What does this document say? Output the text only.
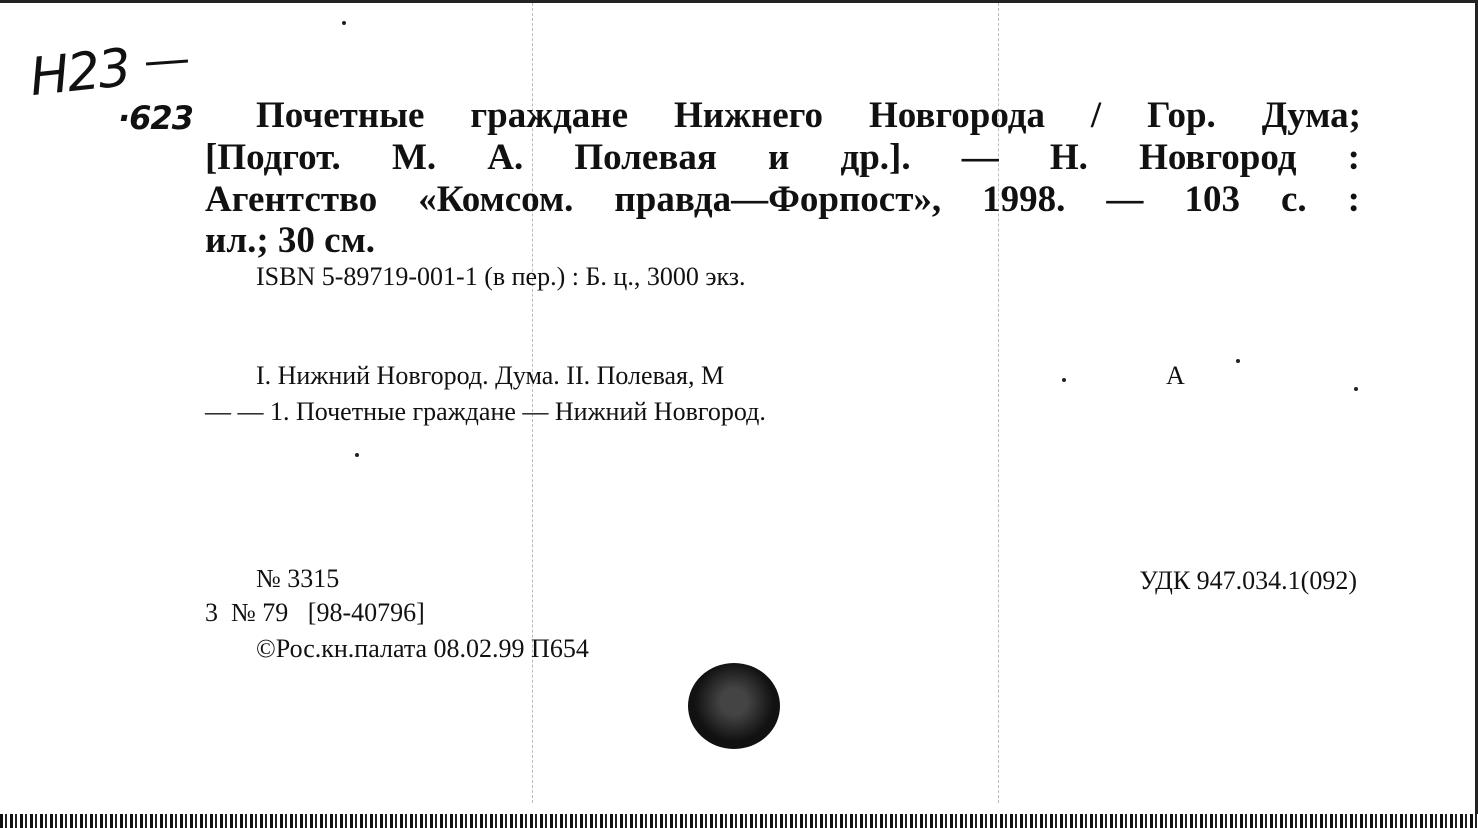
Н23
·623 Почетные граждане Нижнего Новгорода / Гор. Дума;

[Подгот. М. А. Полевая и др.]. — Н. Новгород :

Агентство «Комсом. правда—Форпост», 1998. — 103 с. :

ил.; 30 см.

ISBN 5-89719-001-1 (в пер.) : Б. ц., 3000 экз.

I. Нижний Новгород. Дума. II. Полевая, М	А

— — 1. Почетные граждане — Нижний Новгород.

№ 3315

3  № 79   [98-40796]

©Рос.кн.палата 08.02.99 П654

УДК 947.034.1(092)
